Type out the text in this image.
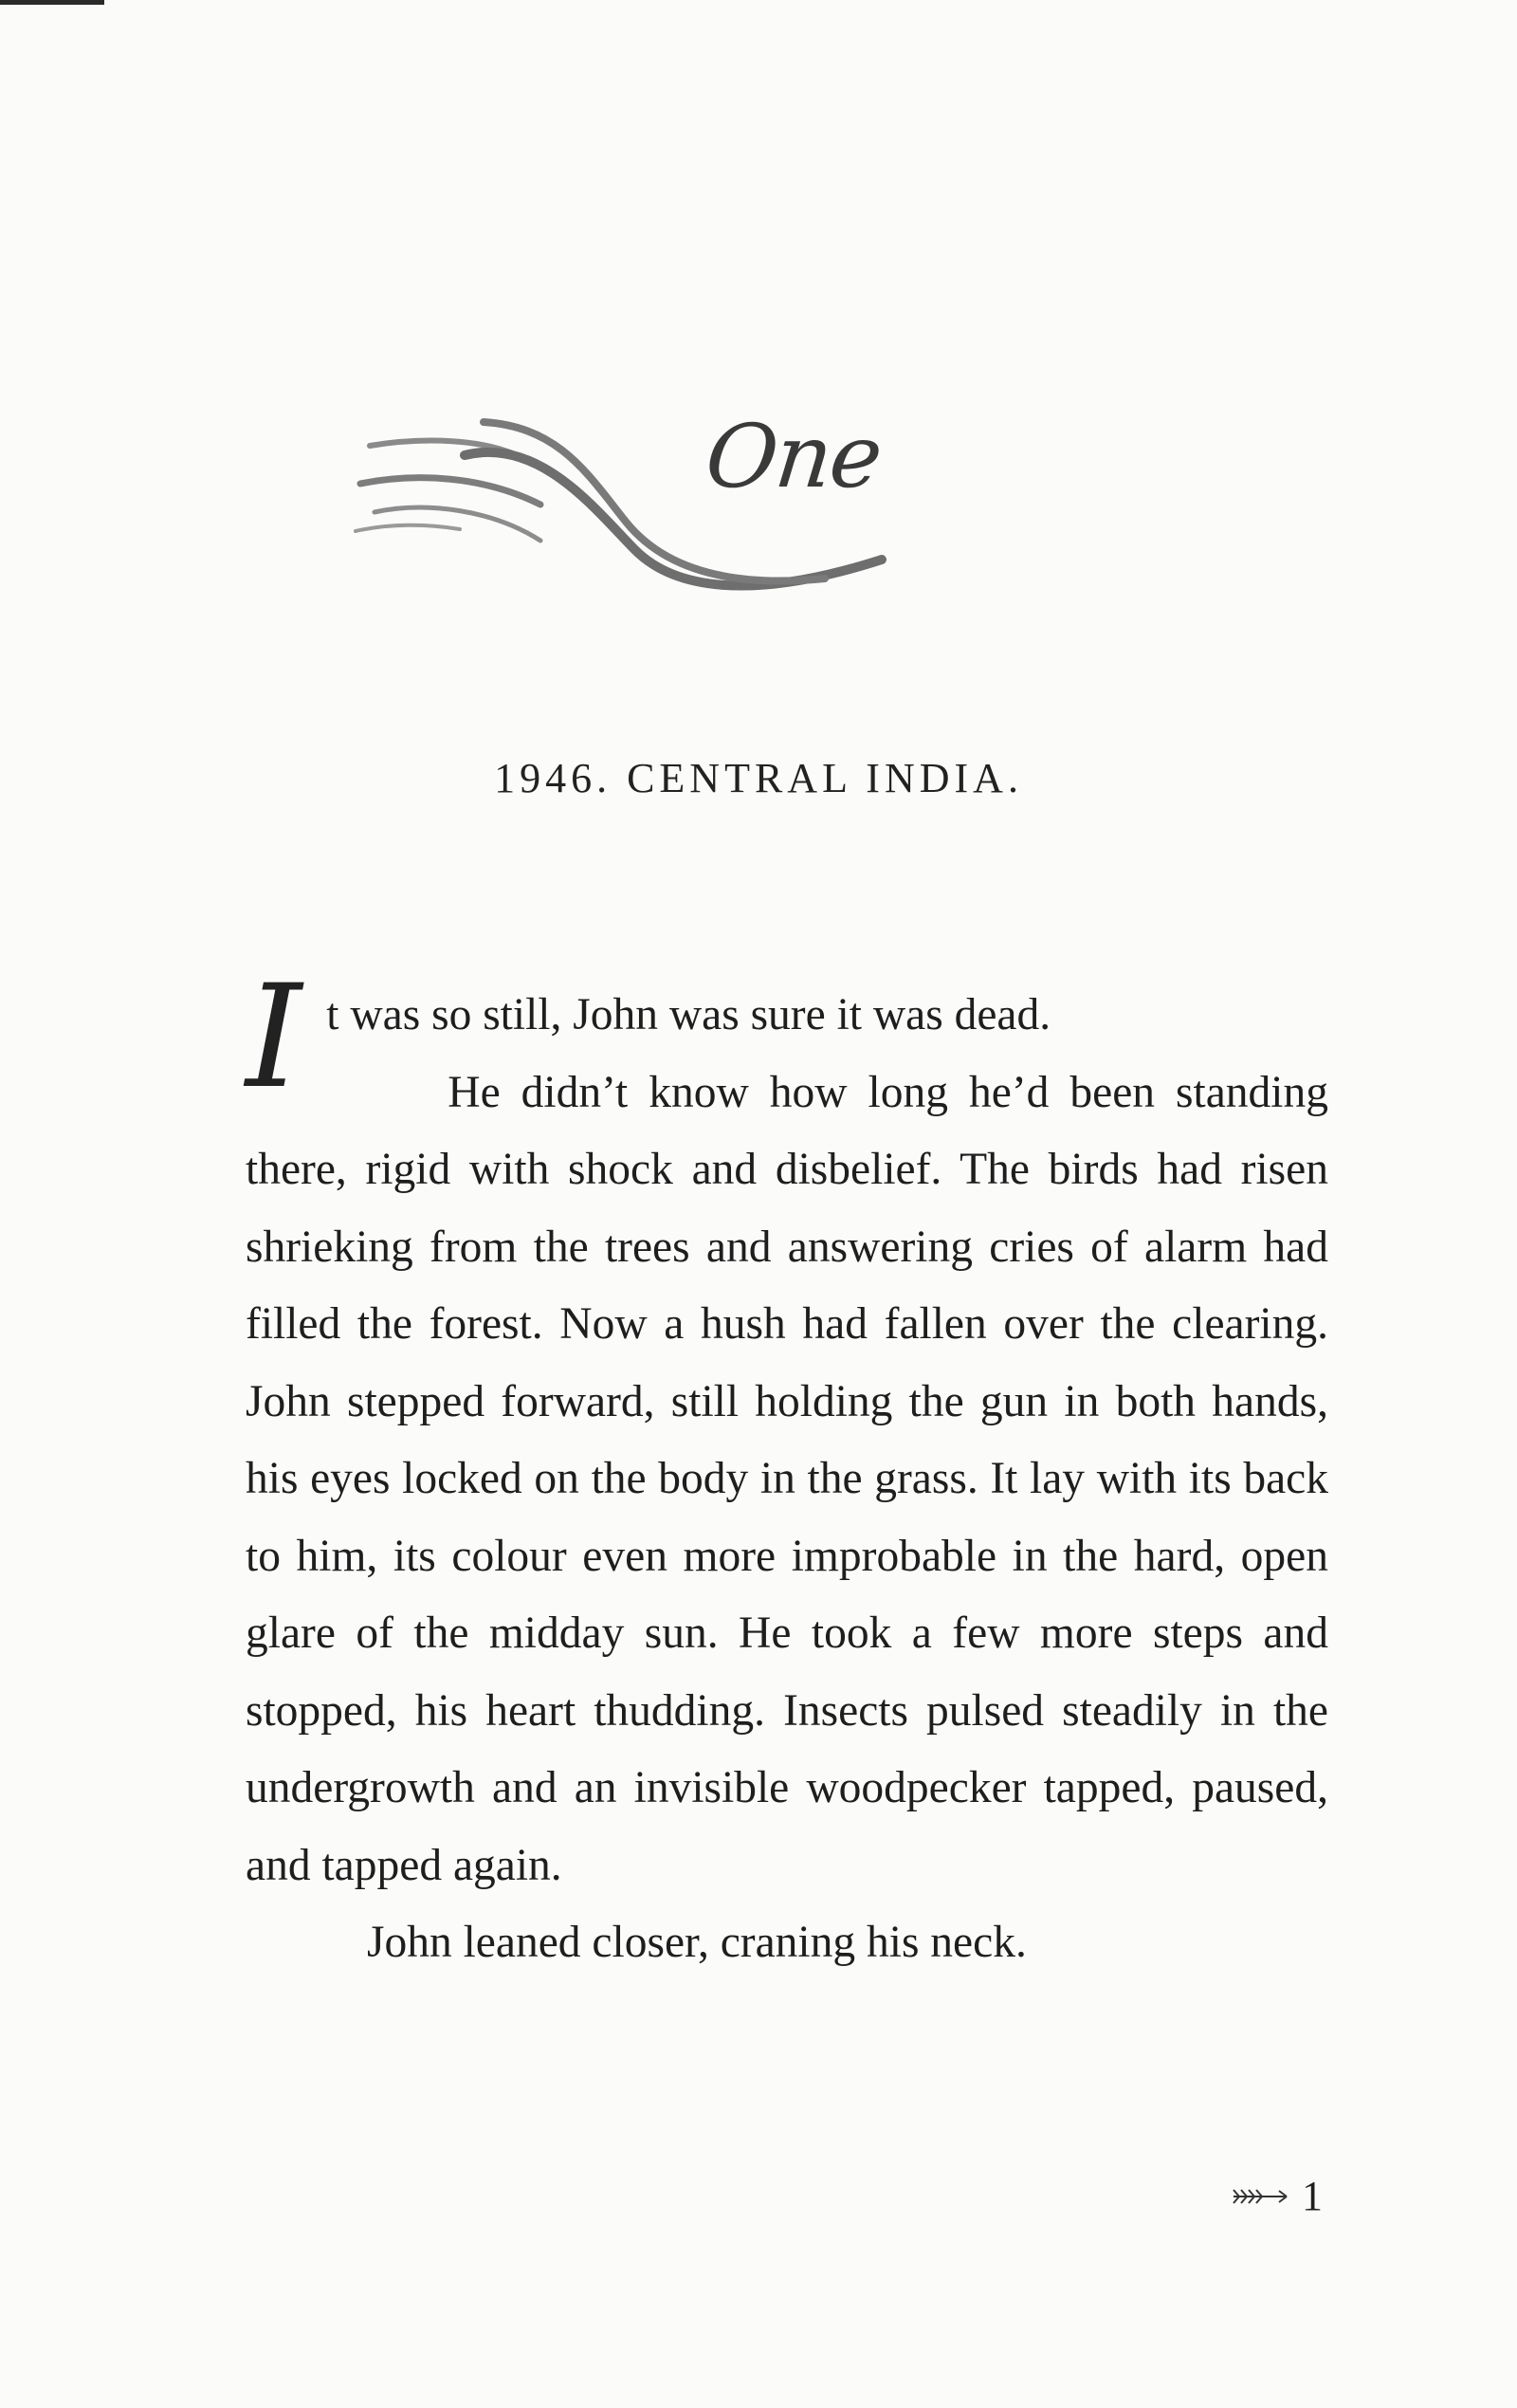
One
1946. CENTRAL INDIA.

I t was so still, John was sure it was dead.

He didn’t know how long he’d been standing there, rigid with shock and disbelief. The birds had risen shrieking from the trees and answering cries of alarm had filled the forest. Now a hush had fallen over the clearing. John stepped forward, still holding the gun in both hands, his eyes locked on the body in the grass. It lay with its back to him, its colour even more improbable in the hard, open glare of the midday sun. He took a few more steps and stopped, his heart thudding. Insects pulsed steadily in the undergrowth and an invisible woodpecker tapped, paused, and tapped again.

John leaned closer, craning his neck.

1
